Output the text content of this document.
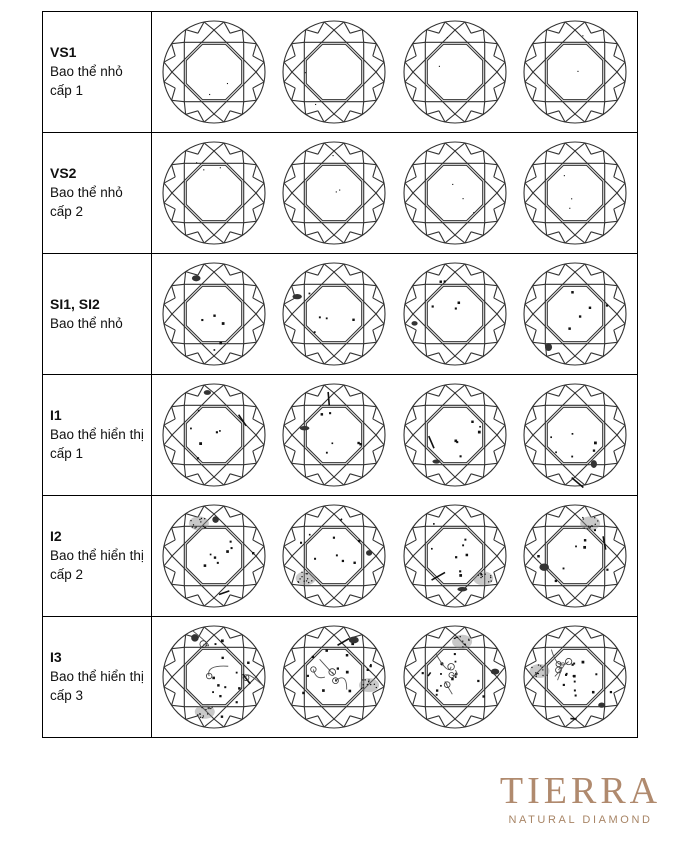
VS1
Bao thể nhỏ cấp 1

VS2
Bao thể nhỏ cấp 2

SI1, SI2
Bao thể nhỏ

I1
Bao thể hiển thị cấp 1

I2
Bao thể hiển thị cấp 2

I3
Bao thể hiển thị cấp 3

TIERRA
NATURAL DIAMOND
